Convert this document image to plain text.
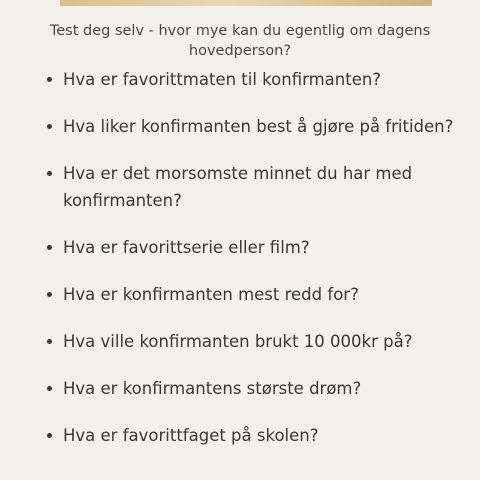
Test deg selv - hvor mye kan du egentlig om dagens hovedperson?
Hva er favorittmaten til konfirmanten?
Hva liker konfirmanten best å gjøre på fritiden?
Hva er det morsomste minnet du har med konfirmanten?
Hva er favorittserie eller film?
Hva er konfirmanten mest redd for?
Hva ville konfirmanten brukt 10 000kr på?
Hva er konfirmantens største drøm?
Hva er favorittfaget på skolen?
